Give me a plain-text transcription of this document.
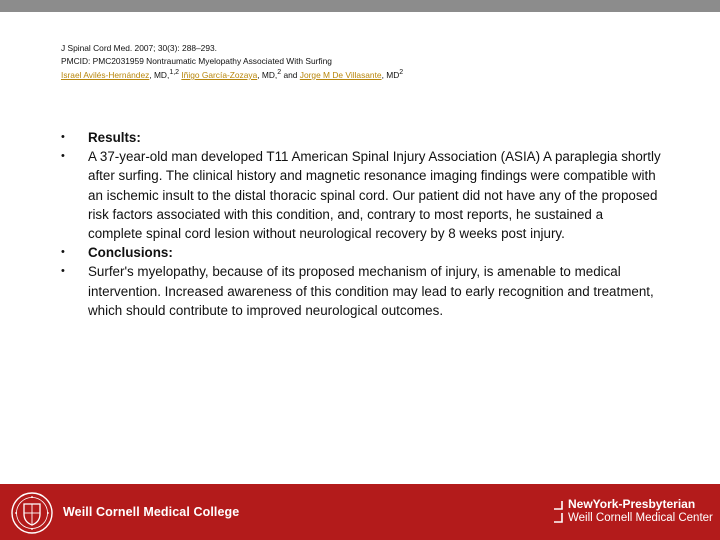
J Spinal Cord Med. 2007; 30(3): 288–293.
PMCID: PMC2031959 Nontraumatic Myelopathy Associated With Surfing
Israel Avilés-Hernández, MD,$^{1,2}$ Iñigo García-Zozaya, MD,$^2$ and Jorge M De Villasante, $MD^2$
•	Results:
•	A 37-year-old man developed T11 American Spinal Injury Association (ASIA) A paraplegia shortly after surfing. The clinical history and magnetic resonance imaging findings were compatible with an ischemic insult to the distal thoracic spinal cord. Our patient did not have any of the proposed risk factors associated with this condition, and, contrary to most reports, he sustained a complete spinal cord lesion without neurological recovery by 8 weeks post injury.
•	Conclusions:
•	Surfer's myelopathy, because of its proposed mechanism of injury, is amenable to medical intervention. Increased awareness of this condition may lead to early recognition and treatment, which should contribute to improved neurological outcomes.
Weill Cornell Medical College
NewYork-Presbyterian
Weill Cornell Medical Center
